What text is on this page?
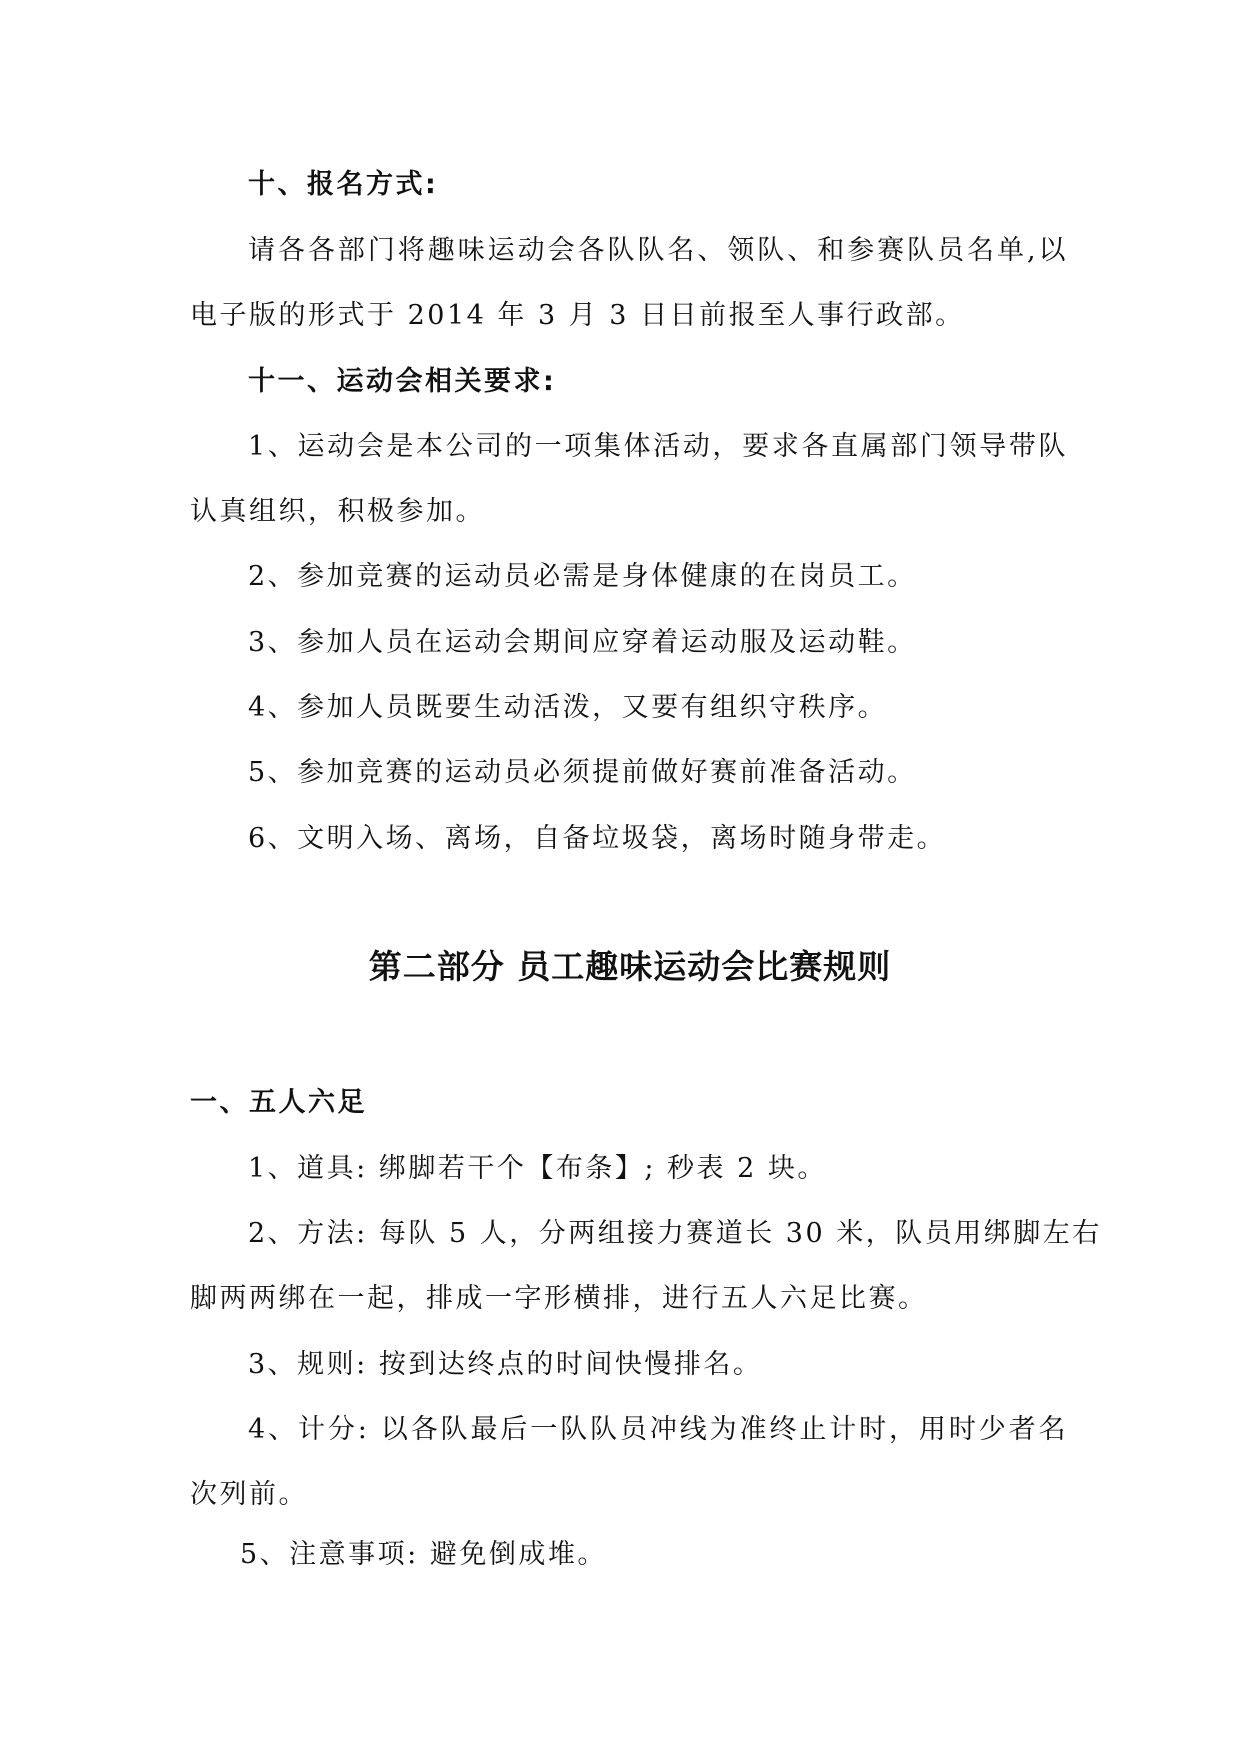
十、报名方式:
请各各部门将趣味运动会各队队名、领队、和参赛队员名单,以
电子版的形式于 2014 年 3 月 3 日日前报至人事行政部。
十一、运动会相关要求:
1、运动会是本公司的一项集体活动，要求各直属部门领导带队
认真组织，积极参加。
2、参加竞赛的运动员必需是身体健康的在岗员工。
3、参加人员在运动会期间应穿着运动服及运动鞋。
4、参加人员既要生动活泼，又要有组织守秩序。
5、参加竞赛的运动员必须提前做好赛前准备活动。
6、文明入场、离场，自备垃圾袋，离场时随身带走。
第二部分 员工趣味运动会比赛规则
一、五人六足
1、道具: 绑脚若干个【布条】; 秒表 2 块。
2、方法: 每队 5 人，分两组接力赛道长 30 米，队员用绑脚左右
脚两两绑在一起，排成一字形横排，进行五人六足比赛。
3、规则: 按到达终点的时间快慢排名。
4、计分: 以各队最后一队队员冲线为准终止计时，用时少者名
次列前。
5、注意事项: 避免倒成堆。
